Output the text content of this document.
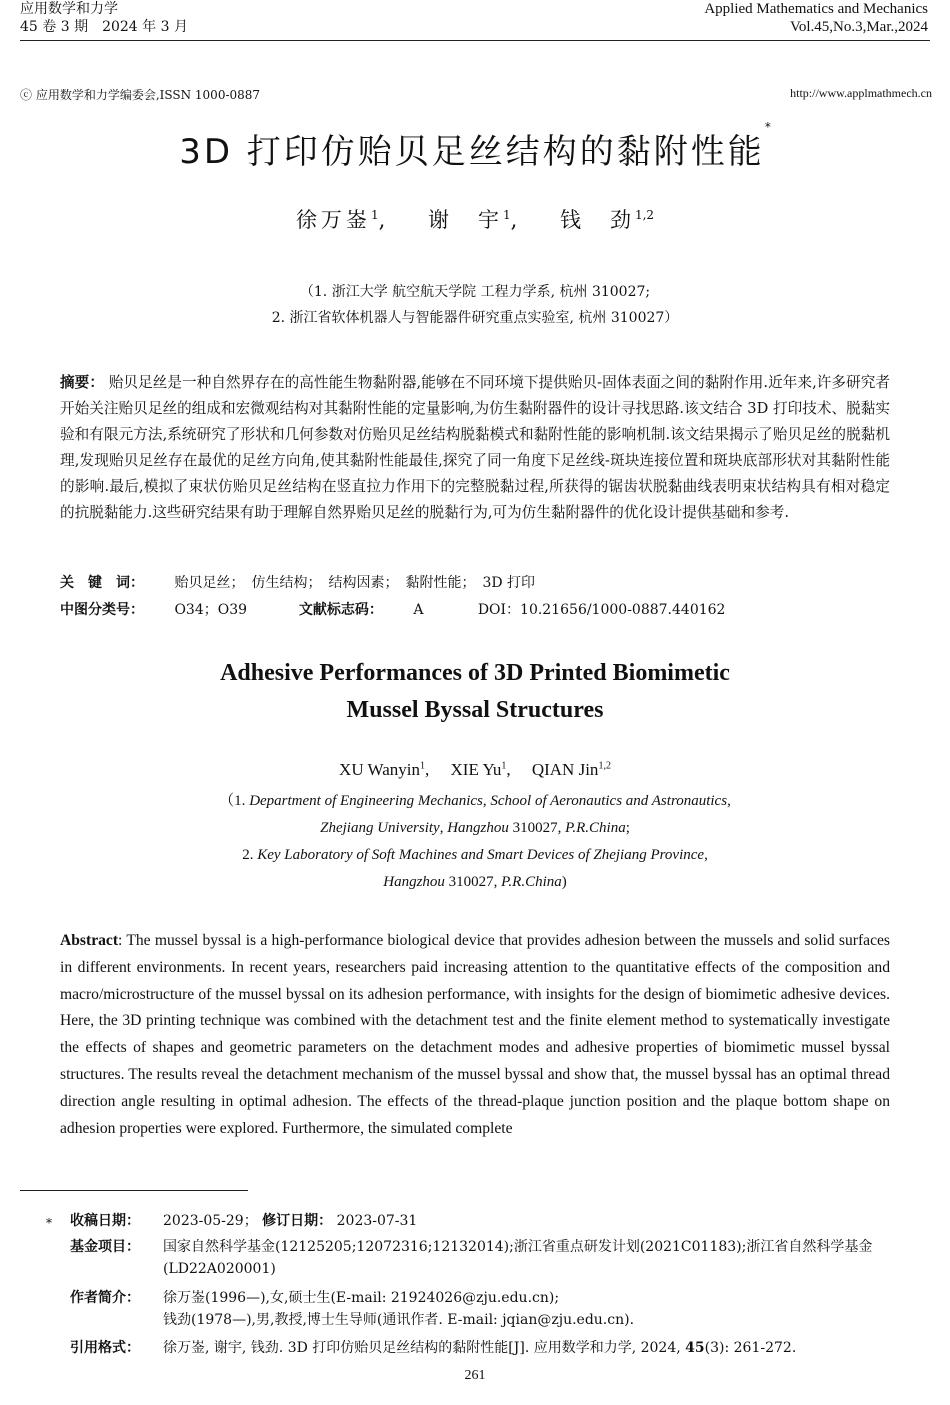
应用数学和力学
45 卷 3 期　2024 年 3 月
Applied Mathematics and Mechanics
Vol.45,No.3,Mar.,2024
ⓒ 应用数学和力学编委会,ISSN 1000-0887	http://www.applmathmech.cn
3D 打印仿贻贝足丝结构的黏附性能*
徐万崟$^1$, 谢　宇$^1$, 钱　劲$^{1,2}$
（1. 浙江大学 航空航天学院 工程力学系, 杭州 310027;
2. 浙江省软体机器人与智能器件研究重点实验室, 杭州 310027）
摘要： 贻贝足丝是一种自然界存在的高性能生物黏附器,能够在不同环境下提供贻贝-固体表面之间的黏附作用.近年来,许多研究者开始关注贻贝足丝的组成和宏微观结构对其黏附性能的定量影响,为仿生黏附器件的设计寻找思路.该文结合 3D 打印技术、脱黏实验和有限元方法,系统研究了形状和几何参数对仿贻贝足丝结构脱黏模式和黏附性能的影响机制.该文结果揭示了贻贝足丝的脱黏机理,发现贻贝足丝存在最优的足丝方向角,使其黏附性能最佳,探究了同一角度下足丝线-斑块连接位置和斑块底部形状对其黏附性能的影响.最后,模拟了束状仿贻贝足丝结构在竖直拉力作用下的完整脱黏过程,所获得的锯齿状脱黏曲线表明束状结构具有相对稳定的抗脱黏能力.这些研究结果有助于理解自然界贻贝足丝的脱黏行为,可为仿生黏附器件的优化设计提供基础和参考.
关　键　词： 贻贝足丝；　仿生结构；　结构因素；　黏附性能；　3D 打印
中图分类号： O34；O39	文献标志码： A	DOI：10.21656/1000-0887.440162
Adhesive Performances of 3D Printed Biomimetic
Mussel Byssal Structures
XU Wanyin$^1$,     XIE Yu$^1$,     QIAN Jin$^{1,2}$
（1. Department of Engineering Mechanics, School of Aeronautics and Astronautics,
Zhejiang University, Hangzhou 310027, P.R.China;
2. Key Laboratory of Soft Machines and Smart Devices of Zhejiang Province,
Hangzhou 310027, P.R.China)
Abstract: The mussel byssal is a high-performance biological device that provides adhesion between the mussels and solid surfaces in different environments. In recent years, researchers paid increasing attention to the quantitative effects of the composition and macro/microstructure of the mussel byssal on its adhesion performance, with insights for the design of biomimetic adhesive devices. Here, the 3D printing technique was combined with the detachment test and the finite element method to systematically investigate the effects of shapes and geometric parameters on the detachment modes and adhesive properties of biomimetic mussel byssal structures. The results reveal the detachment mechanism of the mussel byssal and show that, the mussel byssal has an optimal thread direction angle resulting in optimal adhesion. The effects of the thread-plaque junction position and the plaque bottom shape on adhesion properties were explored. Furthermore, the simulated complete
* 收稿日期： 2023-05-29； 修订日期： 2023-07-31
基金项目： 国家自然科学基金(12125205;12072316;12132014);浙江省重点研发计划(2021C01183);浙江省自然科学基金(LD22A020001)
作者简介： 徐万崟(1996—),女,硕士生(E-mail: 21924026@zju.edu.cn);
钱劲(1978—),男,教授,博士生导师(通讯作者. E-mail: jqian@zju.edu.cn).
引用格式： 徐万崟, 谢宇, 钱劲. 3D 打印仿贻贝足丝结构的黏附性能[J]. 应用数学和力学, 2024, 45(3): 261-272.
261
